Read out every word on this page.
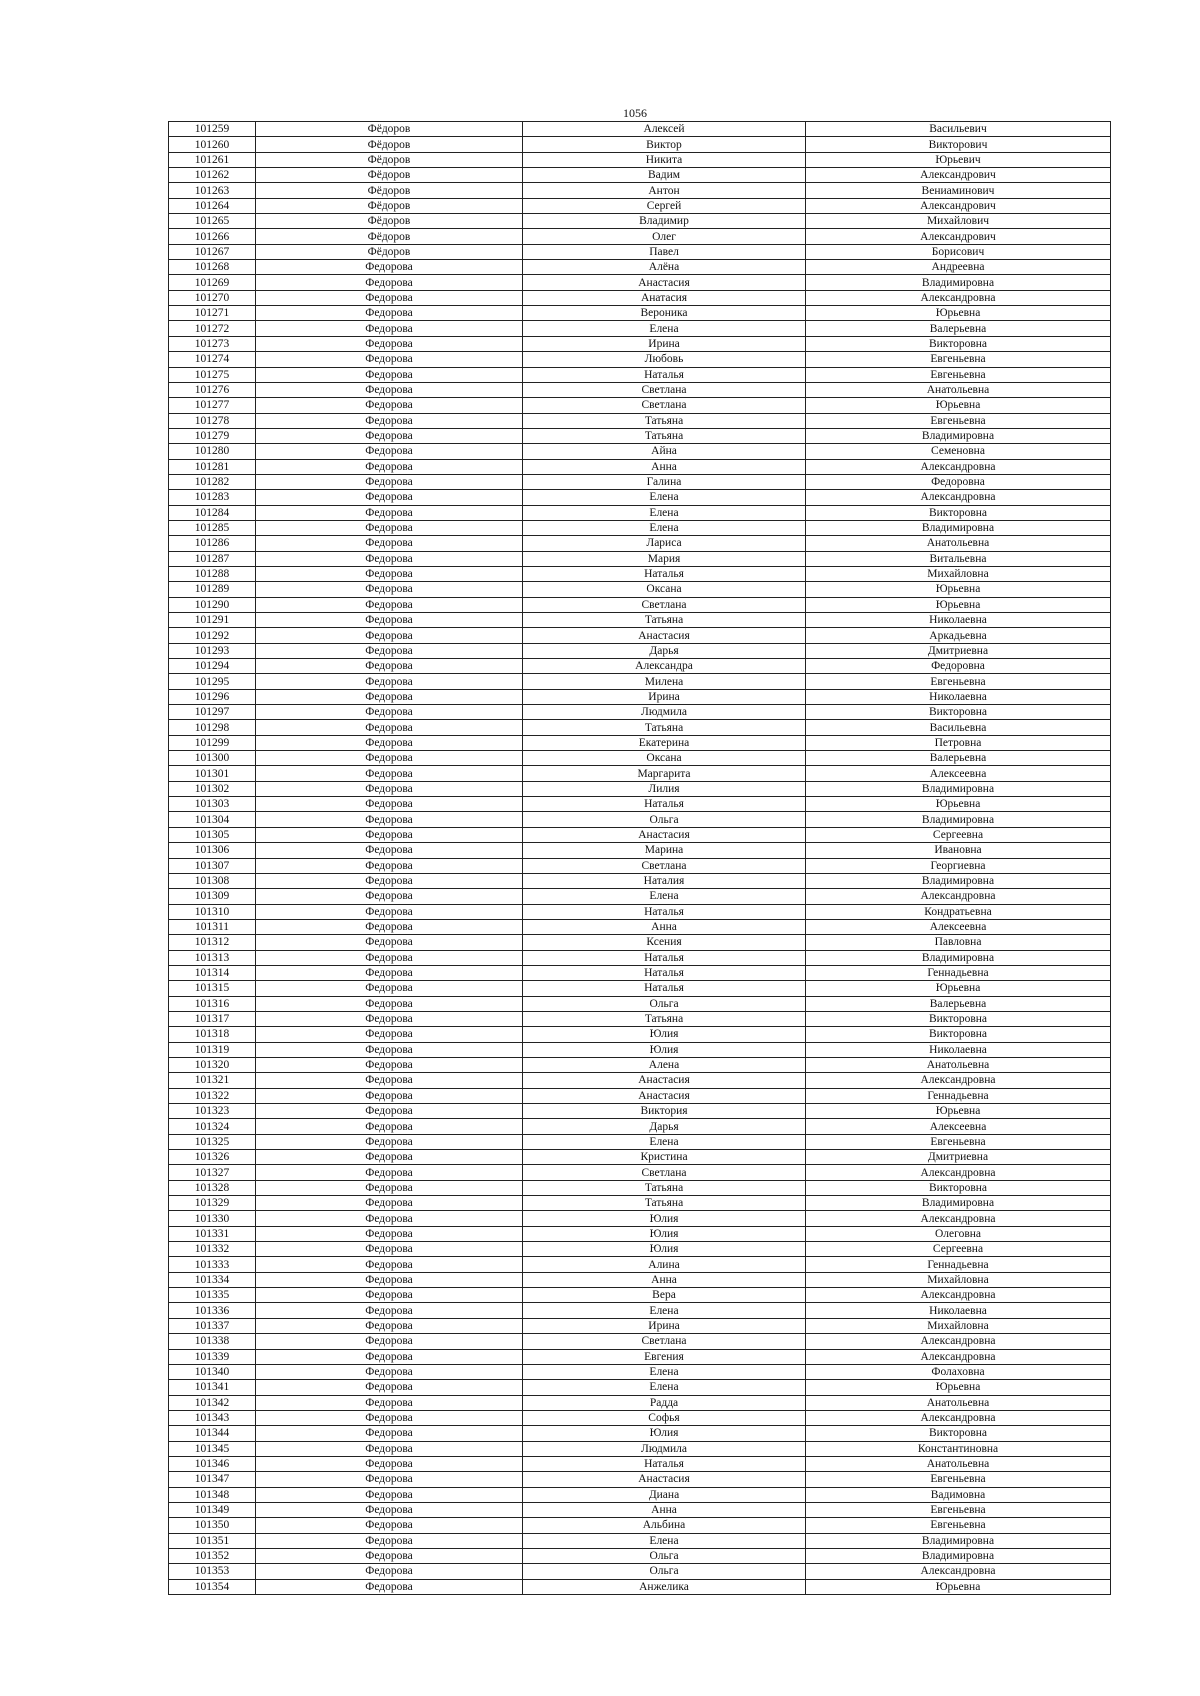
1056
101259	Фёдоров	Алексей	Васильевич
101260	Фёдоров	Виктор	Викторович
101261	Фёдоров	Никита	Юрьевич
101262	Фёдоров	Вадим	Александрович
101263	Фёдоров	Антон	Вениаминович
101264	Фёдоров	Сергей	Александрович
101265	Фёдоров	Владимир	Михайлович
101266	Фёдоров	Олег	Александрович
101267	Фёдоров	Павел	Борисович
101268	Федорова	Алёна	Андреевна
101269	Федорова	Анастасия	Владимировна
101270	Федорова	Анатасия	Александровна
101271	Федорова	Вероника	Юрьевна
101272	Федорова	Елена	Валерьевна
101273	Федорова	Ирина	Викторовна
101274	Федорова	Любовь	Евгеньевна
101275	Федорова	Наталья	Евгеньевна
101276	Федорова	Светлана	Анатольевна
101277	Федорова	Светлана	Юрьевна
101278	Федорова	Татьяна	Евгеньевна
101279	Федорова	Татьяна	Владимировна
101280	Федорова	Айна	Семеновна
101281	Федорова	Анна	Александровна
101282	Федорова	Галина	Федоровна
101283	Федорова	Елена	Александровна
101284	Федорова	Елена	Викторовна
101285	Федорова	Елена	Владимировна
101286	Федорова	Лариса	Анатольевна
101287	Федорова	Мария	Витальевна
101288	Федорова	Наталья	Михайловна
101289	Федорова	Оксана	Юрьевна
101290	Федорова	Светлана	Юрьевна
101291	Федорова	Татьяна	Николаевна
101292	Федорова	Анастасия	Аркадьевна
101293	Федорова	Дарья	Дмитриевна
101294	Федорова	Александра	Федоровна
101295	Федорова	Милена	Евгеньевна
101296	Федорова	Ирина	Николаевна
101297	Федорова	Людмила	Викторовна
101298	Федорова	Татьяна	Васильевна
101299	Федорова	Екатерина	Петровна
101300	Федорова	Оксана	Валерьевна
101301	Федорова	Маргарита	Алексеевна
101302	Федорова	Лилия	Владимировна
101303	Федорова	Наталья	Юрьевна
101304	Федорова	Ольга	Владимировна
101305	Федорова	Анастасия	Сергеевна
101306	Федорова	Марина	Ивановна
101307	Федорова	Светлана	Георгиевна
101308	Федорова	Наталия	Владимировна
101309	Федорова	Елена	Александровна
101310	Федорова	Наталья	Кондратьевна
101311	Федорова	Анна	Алексеевна
101312	Федорова	Ксения	Павловна
101313	Федорова	Наталья	Владимировна
101314	Федорова	Наталья	Геннадьевна
101315	Федорова	Наталья	Юрьевна
101316	Федорова	Ольга	Валерьевна
101317	Федорова	Татьяна	Викторовна
101318	Федорова	Юлия	Викторовна
101319	Федорова	Юлия	Николаевна
101320	Федорова	Алена	Анатольевна
101321	Федорова	Анастасия	Александровна
101322	Федорова	Анастасия	Геннадьевна
101323	Федорова	Виктория	Юрьевна
101324	Федорова	Дарья	Алексеевна
101325	Федорова	Елена	Евгеньевна
101326	Федорова	Кристина	Дмитриевна
101327	Федорова	Светлана	Александровна
101328	Федорова	Татьяна	Викторовна
101329	Федорова	Татьяна	Владимировна
101330	Федорова	Юлия	Александровна
101331	Федорова	Юлия	Олеговна
101332	Федорова	Юлия	Сергеевна
101333	Федорова	Алина	Геннадьевна
101334	Федорова	Анна	Михайловна
101335	Федорова	Вера	Александровна
101336	Федорова	Елена	Николаевна
101337	Федорова	Ирина	Михайловна
101338	Федорова	Светлана	Александровна
101339	Федорова	Евгения	Александровна
101340	Федорова	Елена	Фолаховна
101341	Федорова	Елена	Юрьевна
101342	Федорова	Радда	Анатольевна
101343	Федорова	Софья	Александровна
101344	Федорова	Юлия	Викторовна
101345	Федорова	Людмила	Константиновна
101346	Федорова	Наталья	Анатольевна
101347	Федорова	Анастасия	Евгеньевна
101348	Федорова	Диана	Вадимовна
101349	Федорова	Анна	Евгеньевна
101350	Федорова	Альбина	Евгеньевна
101351	Федорова	Елена	Владимировна
101352	Федорова	Ольга	Владимировна
101353	Федорова	Ольга	Александровна
101354	Федорова	Анжелика	Юрьевна
